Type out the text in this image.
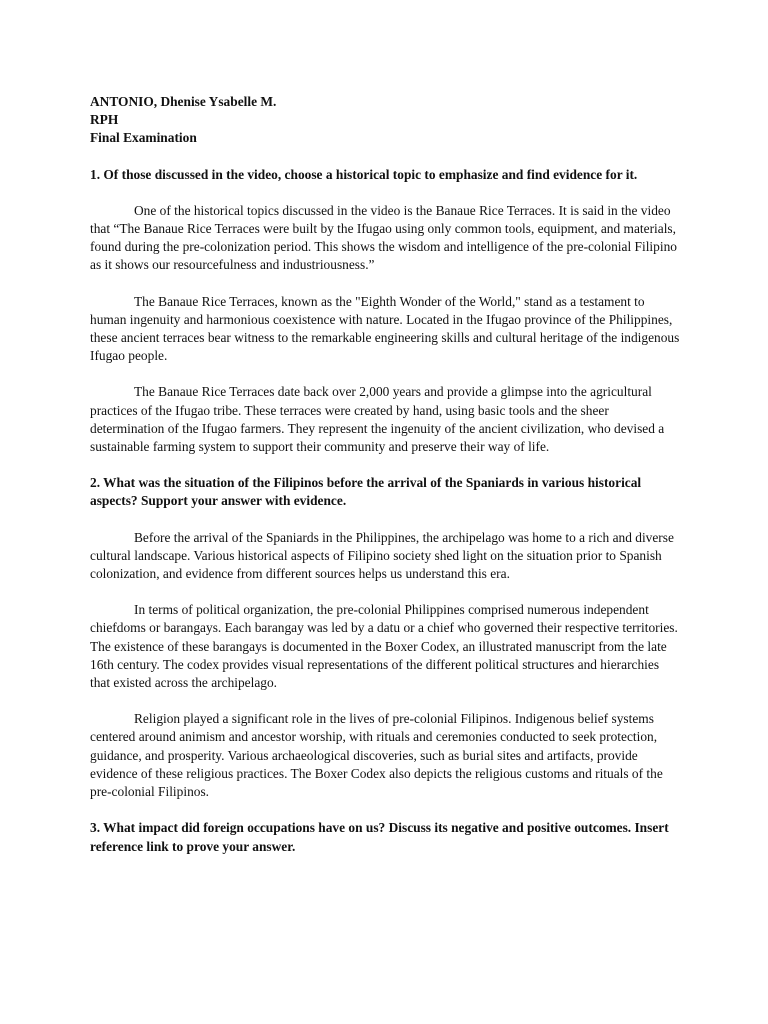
ANTONIO, Dhenise Ysabelle M.

RPH

Final Examination

1. Of those discussed in the video, choose a historical topic to emphasize and find evidence for it.

One of the historical topics discussed in the video is the Banaue Rice Terraces. It is said in the video that “The Banaue Rice Terraces were built by the Ifugao using only common tools, equipment, and materials, found during the pre-colonization period. This shows the wisdom and intelligence of the pre-colonial Filipino as it shows our resourcefulness and industriousness.”

The Banaue Rice Terraces, known as the "Eighth Wonder of the World," stand as a testament to human ingenuity and harmonious coexistence with nature. Located in the Ifugao province of the Philippines, these ancient terraces bear witness to the remarkable engineering skills and cultural heritage of the indigenous Ifugao people.

The Banaue Rice Terraces date back over 2,000 years and provide a glimpse into the agricultural practices of the Ifugao tribe. These terraces were created by hand, using basic tools and the sheer determination of the Ifugao farmers. They represent the ingenuity of the ancient civilization, who devised a sustainable farming system to support their community and preserve their way of life.

2. What was the situation of the Filipinos before the arrival of the Spaniards in various historical aspects? Support your answer with evidence.

Before the arrival of the Spaniards in the Philippines, the archipelago was home to a rich and diverse cultural landscape. Various historical aspects of Filipino society shed light on the situation prior to Spanish colonization, and evidence from different sources helps us understand this era.

In terms of political organization, the pre-colonial Philippines comprised numerous independent chiefdoms or barangays. Each barangay was led by a datu or a chief who governed their respective territories. The existence of these barangays is documented in the Boxer Codex, an illustrated manuscript from the late 16th century. The codex provides visual representations of the different political structures and hierarchies that existed across the archipelago.

Religion played a significant role in the lives of pre-colonial Filipinos. Indigenous belief systems centered around animism and ancestor worship, with rituals and ceremonies conducted to seek protection, guidance, and prosperity. Various archaeological discoveries, such as burial sites and artifacts, provide evidence of these religious practices. The Boxer Codex also depicts the religious customs and rituals of the pre-colonial Filipinos.

3. What impact did foreign occupations have on us? Discuss its negative and positive outcomes. Insert reference link to prove your answer.
